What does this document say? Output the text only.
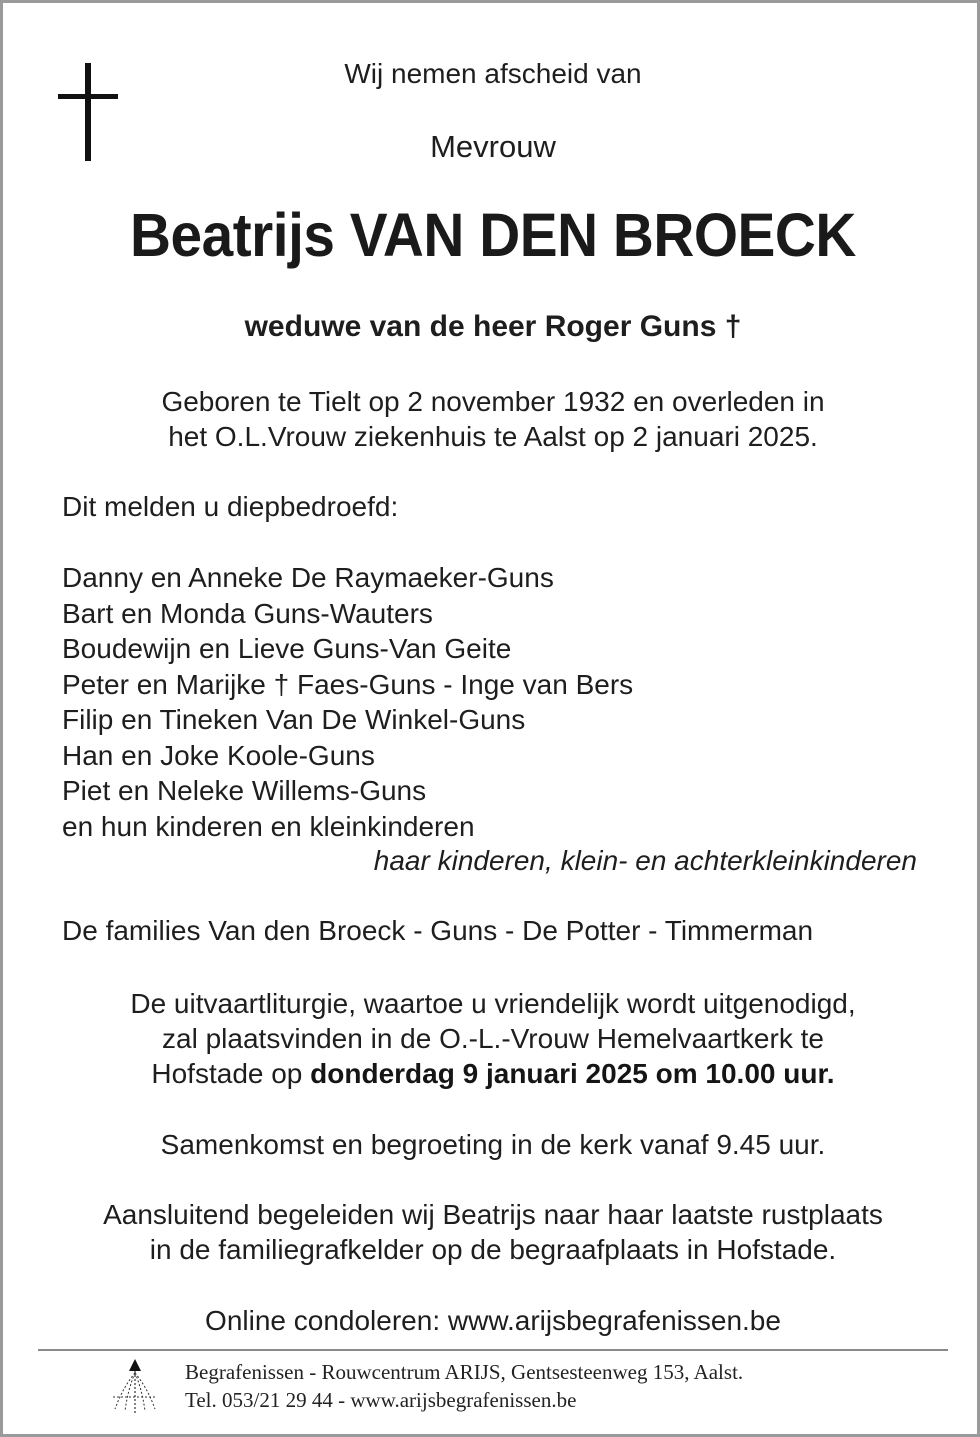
Wij nemen afscheid van
Mevrouw
Beatrijs VAN DEN BROECK
weduwe van de heer Roger Guns †
Geboren te Tielt op 2 november 1932 en overleden in
het O.L.Vrouw ziekenhuis te Aalst op 2 januari 2025.
Dit melden u diepbedroefd:
Danny en Anneke De Raymaeker-Guns
Bart en Monda Guns-Wauters
Boudewijn en Lieve Guns-Van Geite
Peter en Marijke † Faes-Guns - Inge van Bers
Filip en Tineken Van De Winkel-Guns
Han en Joke Koole-Guns
Piet en Neleke Willems-Guns
en hun kinderen en kleinkinderen
haar kinderen, klein- en achterkleinkinderen
De families Van den Broeck - Guns - De Potter - Timmerman
De uitvaartliturgie, waartoe u vriendelijk wordt uitgenodigd,
zal plaatsvinden in de O.-L.-Vrouw Hemelvaartkerk te
Hofstade op donderdag 9 januari 2025 om 10.00 uur.
Samenkomst en begroeting in de kerk vanaf 9.45 uur.
Aansluitend begeleiden wij Beatrijs naar haar laatste rustplaats
in de familiegrafkelder op de begraafplaats in Hofstade.
Online condoleren: www.arijsbegrafenissen.be
Begrafenissen - Rouwcentrum ARIJS, Gentsesteenweg 153, Aalst.
Tel. 053/21 29 44 - www.arijsbegrafenissen.be
